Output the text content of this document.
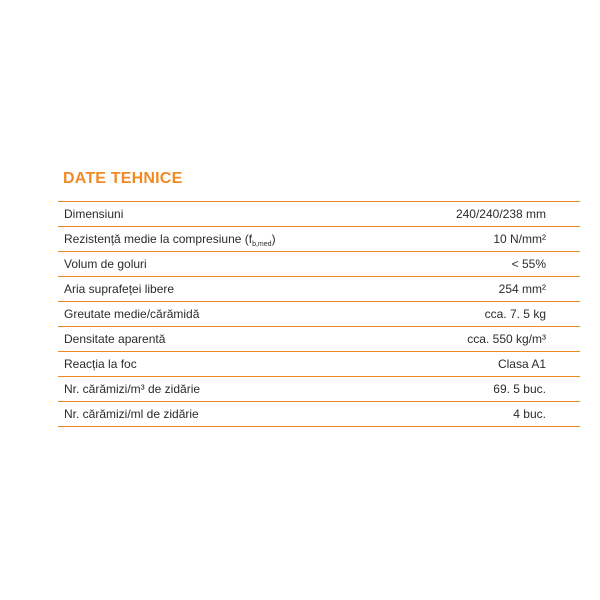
DATE TEHNICE
Dimensiuni	240/240/238 mm
Rezistență medie la compresiune $(f_{b,med})$	10 N/mm²
Volum de goluri	< 55%
Aria suprafeței libere	254 mm²
Greutate medie/cărămidă	cca. 7. 5 kg
Densitate aparentă	cca. 550 kg/m³
Reacția la foc	Clasa A1
Nr. cărămizi/m³ de zidărie	69. 5 buc.
Nr. cărămizi/ml de zidărie	4 buc.
